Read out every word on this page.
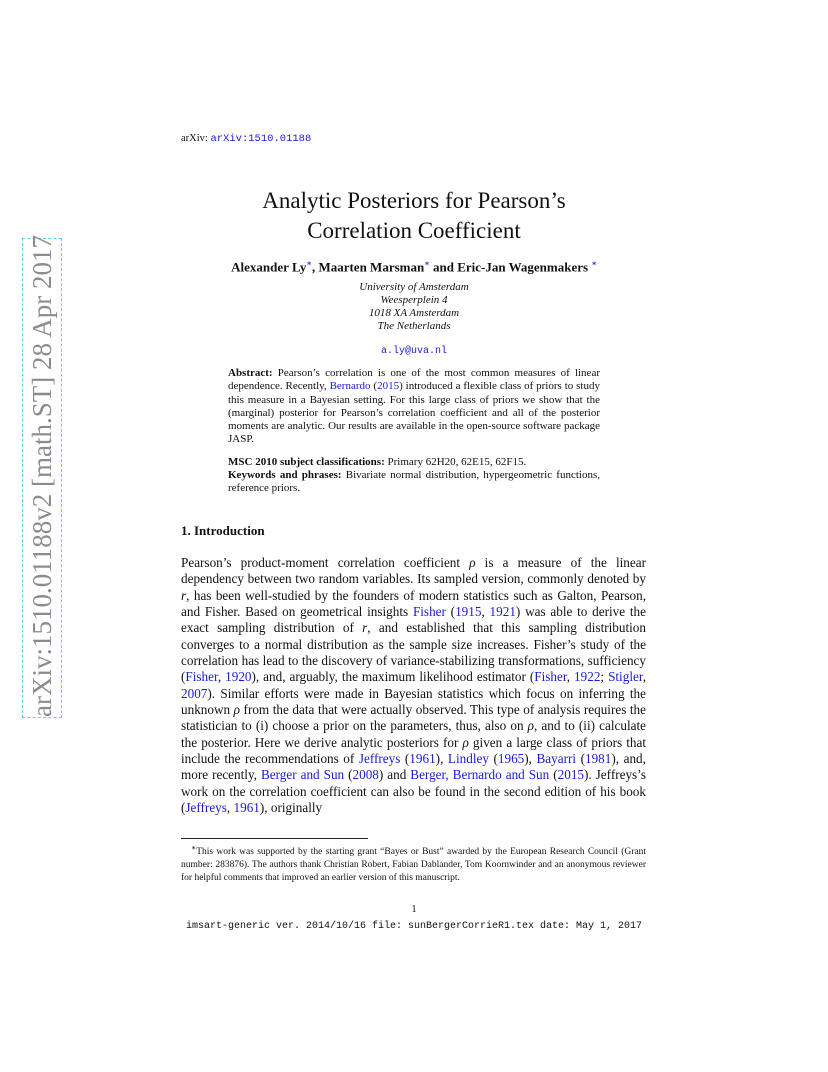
arXiv:1510.01188v2 [math.ST] 28 Apr 2017
arXiv: arXiv:1510.01188
Analytic Posteriors for Pearson’s
Correlation Coefficient
Alexander Ly∗, Maarten Marsman∗ and Eric-Jan Wagenmakers ∗
University of Amsterdam
Weesperplein 4
1018 XA Amsterdam
The Netherlands
a.ly@uva.nl
Abstract: Pearson’s correlation is one of the most common measures of linear dependence. Recently, Bernardo (2015) introduced a flexible class of priors to study this measure in a Bayesian setting. For this large class of priors we show that the (marginal) posterior for Pearson’s correlation coefficient and all of the posterior moments are analytic. Our results are available in the open-source software package JASP.
MSC 2010 subject classifications: Primary 62H20, 62E15, 62F15.
Keywords and phrases: Bivariate normal distribution, hypergeometric functions, reference priors.
1. Introduction
Pearson’s product-moment correlation coefficient ρ is a measure of the linear dependency between two random variables. Its sampled version, commonly denoted by r, has been well-studied by the founders of modern statistics such as Galton, Pearson, and Fisher. Based on geometrical insights Fisher (1915, 1921) was able to derive the exact sampling distribution of r, and established that this sampling distribution converges to a normal distribution as the sample size increases. Fisher’s study of the correlation has lead to the discovery of variance-stabilizing transformations, sufficiency (Fisher, 1920), and, arguably, the maximum likelihood estimator (Fisher, 1922; Stigler, 2007). Similar efforts were made in Bayesian statistics which focus on inferring the unknown ρ from the data that were actually observed. This type of analysis requires the statistician to (i) choose a prior on the parameters, thus, also on ρ, and to (ii) calculate the posterior. Here we derive analytic posteriors for ρ given a large class of priors that include the recommendations of Jeffreys (1961), Lindley (1965), Bayarri (1981), and, more recently, Berger and Sun (2008) and Berger, Bernardo and Sun (2015). Jeffreys’s work on the correlation coefficient can also be found in the second edition of his book (Jeffreys, 1961), originally
∗This work was supported by the starting grant “Bayes or Bust” awarded by the European Research Council (Grant number: 283876). The authors thank Christian Robert, Fabian Dablander, Tom Koornwinder and an anonymous reviewer for helpful comments that improved an earlier version of this manuscript.
1
imsart-generic ver. 2014/10/16 file: sunBergerCorrieR1.tex date: May 1, 2017
